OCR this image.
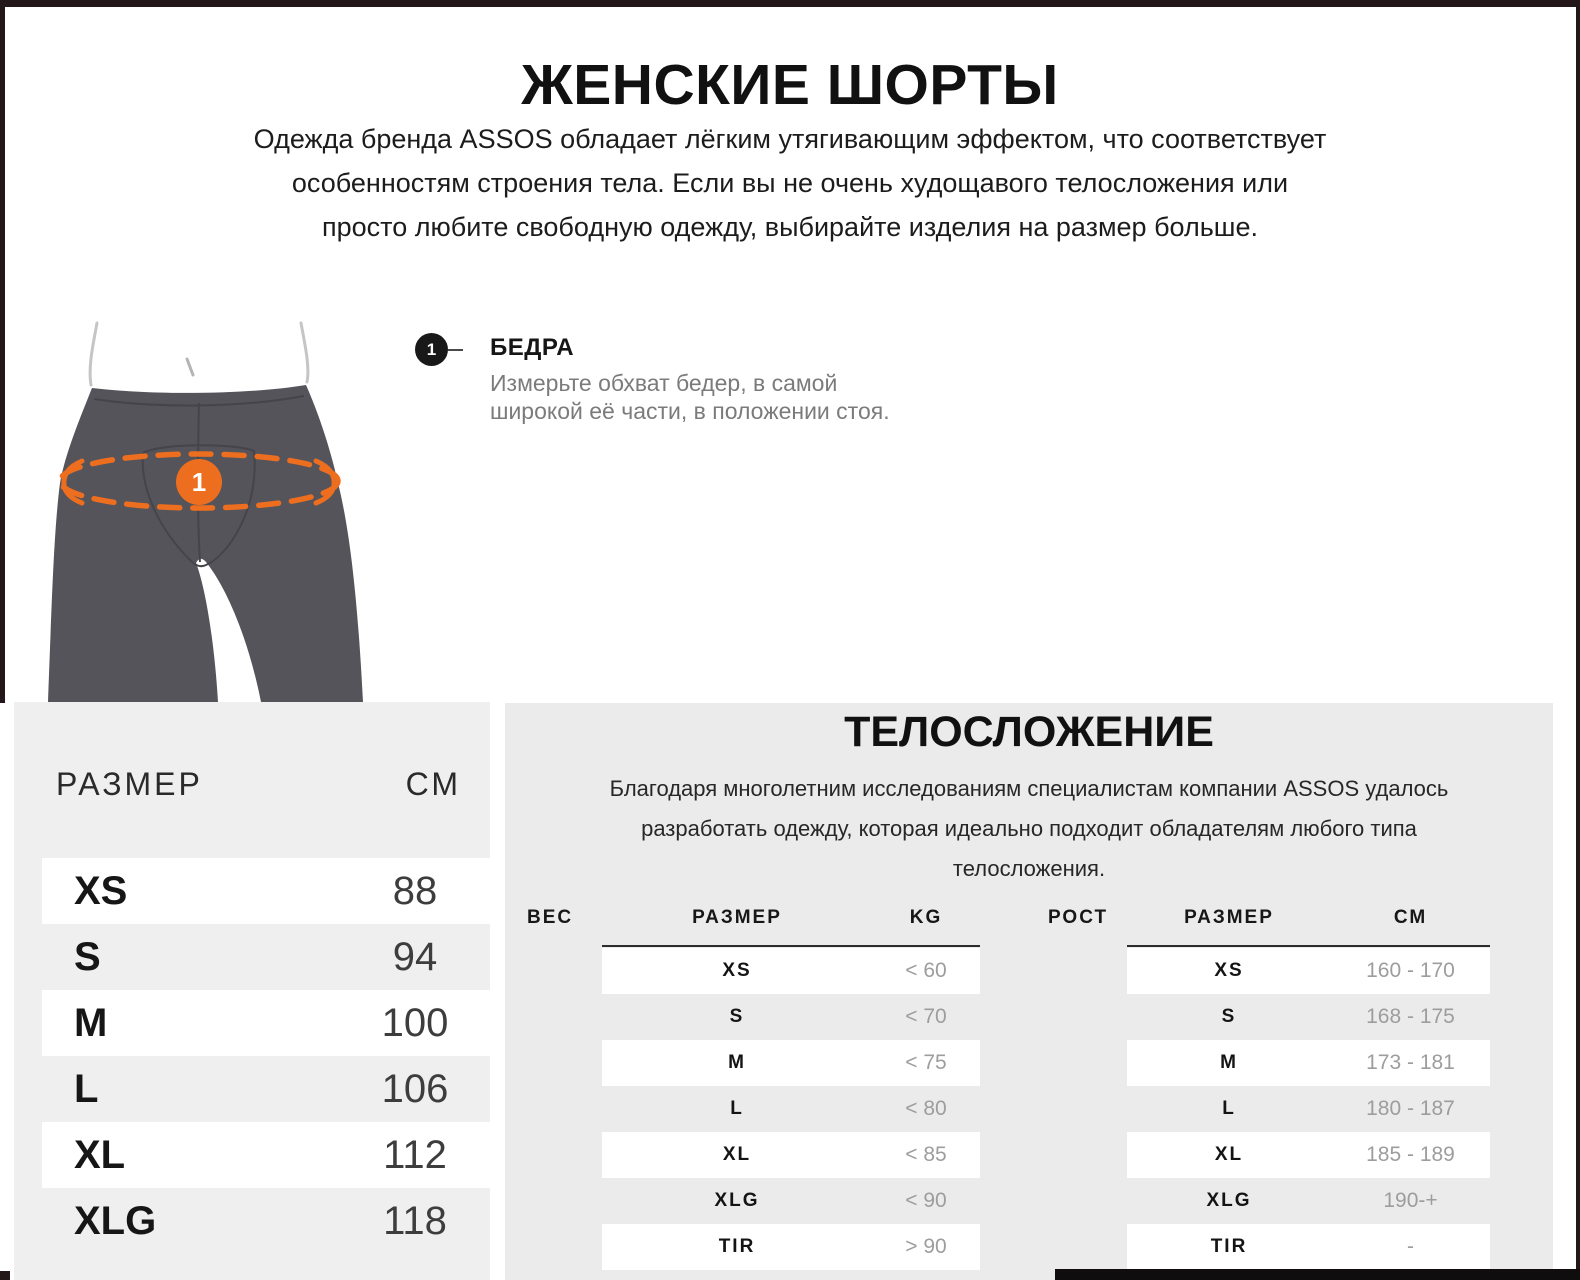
ЖЕНСКИЕ ШОРТЫ
Одежда бренда ASSOS обладает лёгким утягивающим эффектом, что соответствует
особенностям строения тела. Если вы не очень худощавого телосложения или
просто любите свободную одежду, выбирайте изделия на размер больше.
1
1	БЕДРА
Измерьте обхват бедер, в самой
широкой её части, в положении стоя.
РАЗМЕР	СМ
XS	88
S	94
M	100
L	106
XL	112
XLG	118
ТЕЛОСЛОЖЕНИЕ
Благодаря многолетним исследованиям специалистам компании ASSOS удалось
разработать одежду, которая идеально подходит обладателям любого типа
телосложения.
ВЕС	РАЗМЕР	KG
XS	< 60
S	< 70
M	< 75
L	< 80
XL	< 85
XLG	< 90
TIR	> 90
РОСТ	РАЗМЕР	СМ
XS	160 - 170
S	168 - 175
M	173 - 181
L	180 - 187
XL	185 - 189
XLG	190-+
TIR	-
